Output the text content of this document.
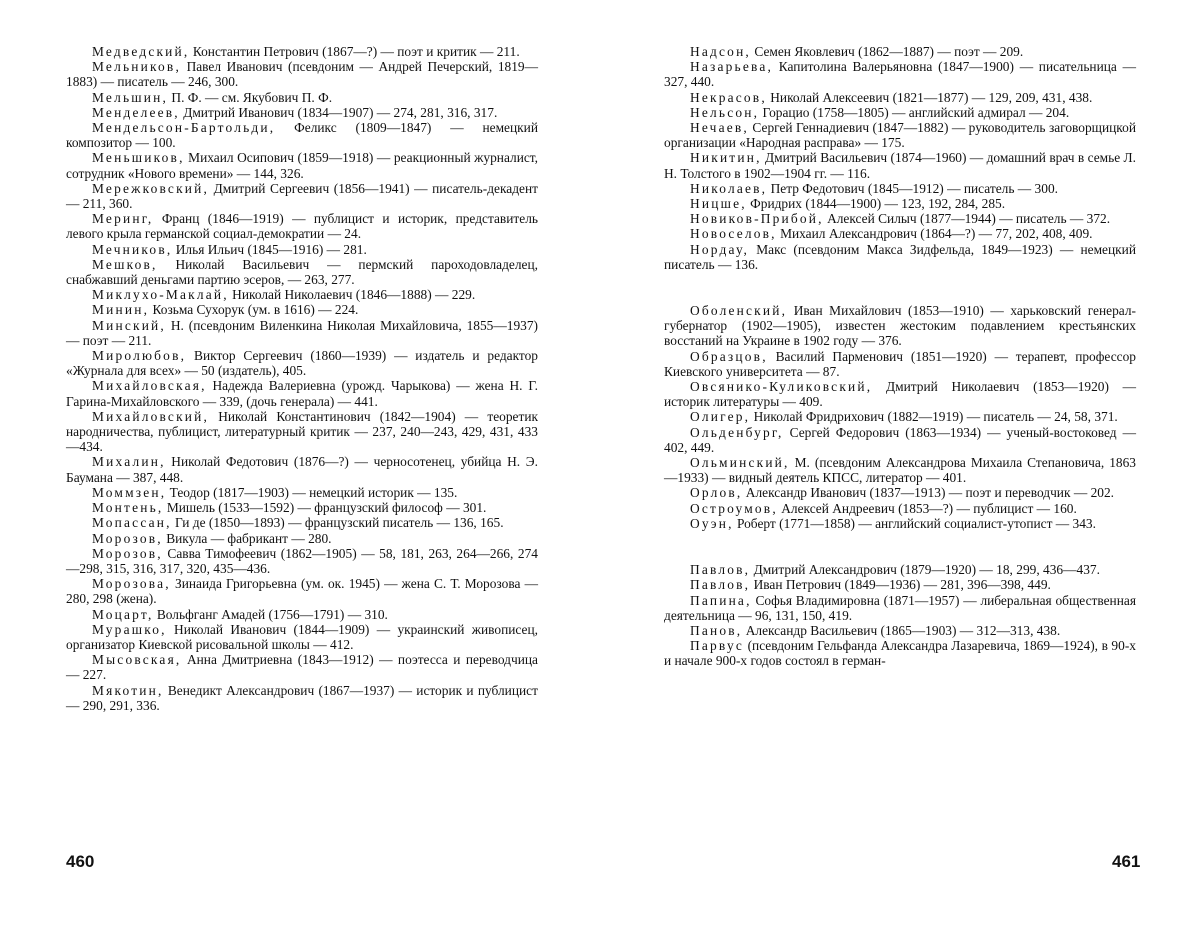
Медведский, Константин Петрович (1867—?) — поэт и критик — 211.

Мельников, Павел Иванович (псевдоним — Андрей Печерский, 1819—1883) — писатель — 246, 300.

Мельшин, П. Ф. — см. Якубович П. Ф.

Менделеев, Дмитрий Иванович (1834—1907) — 274, 281, 316, 317.

Мендельсон-Бартольди, Феликс (1809—1847) — немецкий композитор — 100.

Меньшиков, Михаил Осипович (1859—1918) — реакционный журналист, сотрудник «Нового времени» — 144, 326.

Мережковский, Дмитрий Сергеевич (1856—1941) — писатель-декадент — 211, 360.

Меринг, Франц (1846—1919) — публицист и историк, представитель левого крыла германской социал-демократии — 24.

Мечников, Илья Ильич (1845—1916) — 281.

Мешков, Николай Васильевич — пермский пароходовладелец, снабжавший деньгами партию эсеров, — 263, 277.

Миклухо-Маклай, Николай Николаевич (1846—1888) — 229.

Минин, Козьма Сухорук (ум. в 1616) — 224.

Минский, Н. (псевдоним Виленкина Николая Михайловича, 1855—1937) — поэт — 211.

Миролюбов, Виктор Сергеевич (1860—1939) — издатель и редактор «Журнала для всех» — 50 (издатель), 405.

Михайловская, Надежда Валериевна (урожд. Чарыкова) — жена Н. Г. Гарина-Михайловского — 339, (дочь генерала) — 441.

Михайловский, Николай Константинович (1842—1904) — теоретик народничества, публицист, литературный критик — 237, 240—243, 429, 431, 433—434.

Михалин, Николай Федотович (1876—?) — черносотенец, убийца Н. Э. Баумана — 387, 448.

Моммзен, Теодор (1817—1903) — немецкий историк — 135.

Монтень, Мишель (1533—1592) — французский философ — 301.

Мопассан, Ги де (1850—1893) — французский писатель — 136, 165.

Морозов, Викула — фабрикант — 280.

Морозов, Савва Тимофеевич (1862—1905) — 58, 181, 263, 264—266, 274—298, 315, 316, 317, 320, 435—436.

Морозова, Зинаида Григорьевна (ум. ок. 1945) — жена С. Т. Морозова — 280, 298 (жена).

Моцарт, Вольфганг Амадей (1756—1791) — 310.

Мурашко, Николай Иванович (1844—1909) — украинский живописец, организатор Киевской рисовальной школы — 412.

Мысовская, Анна Дмитриевна (1843—1912) — поэтесса и переводчица — 227.

Мякотин, Венедикт Александрович (1867—1937) — историк и публицист — 290, 291, 336.

Надсон, Семен Яковлевич (1862—1887) — поэт — 209.

Назарьева, Капитолина Валерьяновна (1847—1900) — писательница — 327, 440.

Некрасов, Николай Алексеевич (1821—1877) — 129, 209, 431, 438.

Нельсон, Горацио (1758—1805) — английский адмирал — 204.

Нечаев, Сергей Геннадиевич (1847—1882) — руководитель заговорщицкой организации «Народная расправа» — 175.

Никитин, Дмитрий Васильевич (1874—1960) — домашний врач в семье Л. Н. Толстого в 1902—1904 гг. — 116.

Николаев, Петр Федотович (1845—1912) — писатель — 300.

Ницше, Фридрих (1844—1900) — 123, 192, 284, 285.

Новиков-Прибой, Алексей Силыч (1877—1944) — писатель — 372.

Новоселов, Михаил Александрович (1864—?) — 77, 202, 408, 409.

Нордау, Макс (псевдоним Макса Зидфельда, 1849—1923) — немецкий писатель — 136.

Оболенский, Иван Михайлович (1853—1910) — харьковский генерал-губернатор (1902—1905), известен жестоким подавлением крестьянских восстаний на Украине в 1902 году — 376.

Образцов, Василий Парменович (1851—1920) — терапевт, профессор Киевского университета — 87.

Овсянико-Куликовский, Дмитрий Николаевич (1853—1920) — историк литературы — 409.

Олигер, Николай Фридрихович (1882—1919) — писатель — 24, 58, 371.

Ольденбург, Сергей Федорович (1863—1934) — ученый-востоковед — 402, 449.

Ольминский, М. (псевдоним Александрова Михаила Степановича, 1863—1933) — видный деятель КПСС, литератор — 401.

Орлов, Александр Иванович (1837—1913) — поэт и переводчик — 202.

Остроумов, Алексей Андреевич (1853—?) — публицист — 160.

Оуэн, Роберт (1771—1858) — английский социалист-утопист — 343.

Павлов, Дмитрий Александрович (1879—1920) — 18, 299, 436—437.

Павлов, Иван Петрович (1849—1936) — 281, 396—398, 449.

Папина, Софья Владимировна (1871—1957) — либеральная общественная деятельница — 96, 131, 150, 419.

Панов, Александр Васильевич (1865—1903) — 312—313, 438.

Парвус (псевдоним Гельфанда Александра Лазаревича, 1869—1924), в 90-х и начале 900-х годов состоял в герман-

460	461
